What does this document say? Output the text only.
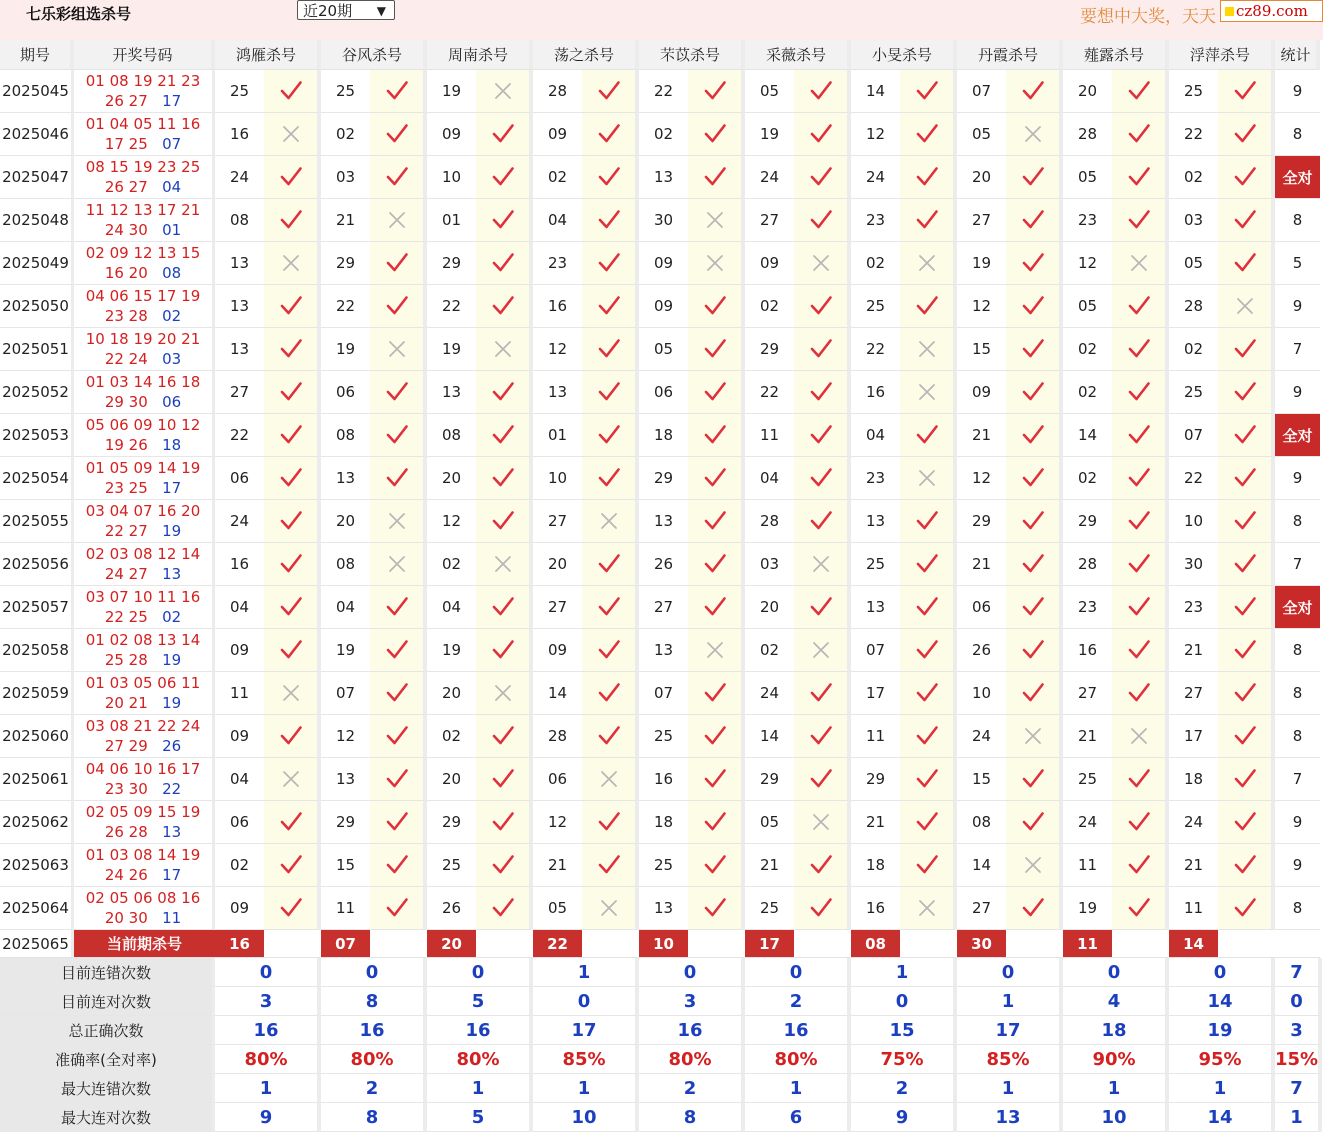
七乐彩组选杀号	近20期 ▼	要想中大奖，天天	cz89.com
期号	开奖号码	鸿雁杀号		谷风杀号		周南杀号		荡之杀号		芣苡杀号		采薇杀号		小旻杀号		丹霞杀号		薤露杀号		浮萍杀号		统计
2025045	01 08 19 21 23
26 27 17	25		25		19		28		22		05		14		07		20		25		9
2025046	01 04 05 11 16
17 25 07	16		02		09		09		02		19		12		05		28		22		8
2025047	08 15 19 23 25
26 27 04	24		03		10		02		13		24		24		20		05		02		全对
2025048	11 12 13 17 21
24 30 01	08		21		01		04		30		27		23		27		23		03		8
2025049	02 09 12 13 15
16 20 08	13		29		29		23		09		09		02		19		12		05		5
2025050	04 06 15 17 19
23 28 02	13		22		22		16		09		02		25		12		05		28		9
2025051	10 18 19 20 21
22 24 03	13		19		19		12		05		29		22		15		02		02		7
2025052	01 03 14 16 18
29 30 06	27		06		13		13		06		22		16		09		02		25		9
2025053	05 06 09 10 12
19 26 18	22		08		08		01		18		11		04		21		14		07		全对
2025054	01 05 09 14 19
23 25 17	06		13		20		10		29		04		23		12		02		22		9
2025055	03 04 07 16 20
22 27 19	24		20		12		27		13		28		13		29		29		10		8
2025056	02 03 08 12 14
24 27 13	16		08		02		20		26		03		25		21		28		30		7
2025057	03 07 10 11 16
22 25 02	04		04		04		27		27		20		13		06		23		23		全对
2025058	01 02 08 13 14
25 28 19	09		19		19		09		13		02		07		26		16		21		8
2025059	01 03 05 06 11
20 21 19	11		07		20		14		07		24		17		10		27		27		8
2025060	03 08 21 22 24
27 29 26	09		12		02		28		25		14		11		24		21		17		8
2025061	04 06 10 16 17
23 30 22	04		13		20		06		16		29		29		15		25		18		7
2025062	02 05 09 15 19
26 28 13	06		29		29		12		18		05		21		08		24		24		9
2025063	01 03 08 14 19
24 26 17	02		15		25		21		25		21		18		14		11		21		9
2025064	02 05 06 08 16
20 30 11	09		11		26		05		13		25		16		27		19		11		8
2025065	当前期杀号	16		07		20		22		10		17		08		30		11		14		
目前连错次数	0	0	0	1	0	0	1	0	0	0	7
目前连对次数	3	8	5	0	3	2	0	1	4	14	0
总正确次数	16	16	16	17	16	16	15	17	18	19	3
准确率(全对率)	80%	80%	80%	85%	80%	80%	75%	85%	90%	95%	15%
最大连错次数	1	2	1	1	2	1	2	1	1	1	7
最大连对次数	9	8	5	10	8	6	9	13	10	14	1
